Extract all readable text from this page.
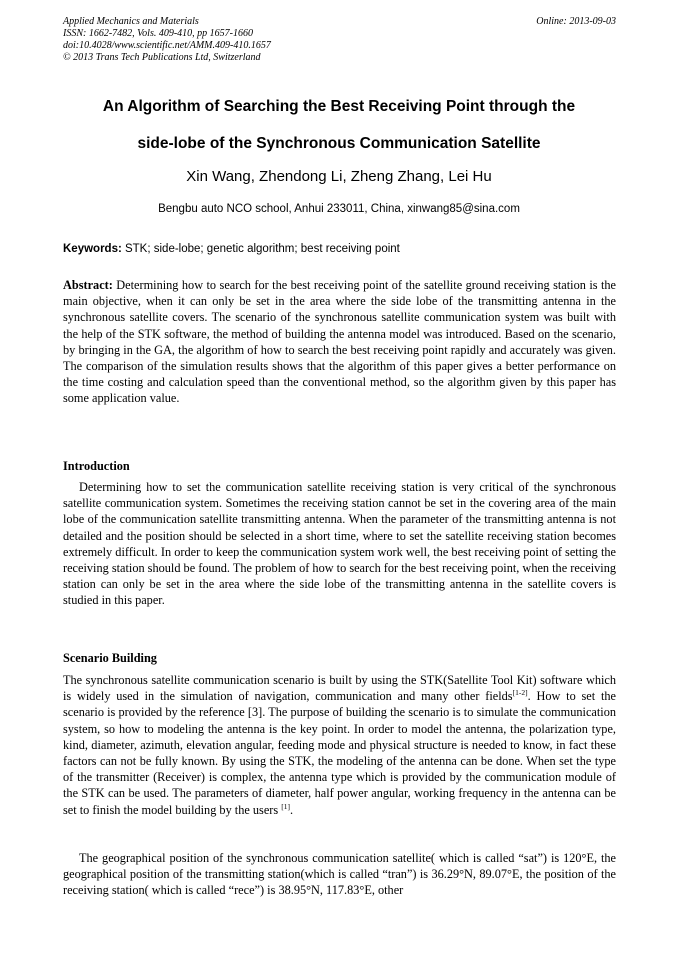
Applied Mechanics and Materials
ISSN: 1662-7482, Vols. 409-410, pp 1657-1660
doi:10.4028/www.scientific.net/AMM.409-410.1657
© 2013 Trans Tech Publications Ltd, Switzerland
Online: 2013-09-03
An Algorithm of Searching the Best Receiving Point through the
side-lobe of the Synchronous Communication Satellite
Xin Wang, Zhendong Li, Zheng Zhang, Lei Hu
Bengbu auto NCO school, Anhui 233011, China, xinwang85@sina.com
Keywords: STK; side-lobe; genetic algorithm; best receiving point

Abstract: Determining how to search for the best receiving point of the satellite ground receiving station is the main objective, when it can only be set in the area where the side lobe of the transmitting antenna in the synchronous satellite covers. The scenario of the synchronous satellite communication system was built with the help of the STK software, the method of building the antenna model was introduced. Based on the scenario, by bringing in the GA, the algorithm of how to search the best receiving point rapidly and accurately was given. The comparison of the simulation results shows that the algorithm of this paper gives a better performance on the time costing and calculation speed than the conventional method, so the algorithm given by this paper has some application value.

Introduction

Determining how to set the communication satellite receiving station is very critical of the synchronous satellite communication system. Sometimes the receiving station cannot be set in the covering area of the main lobe of the communication satellite transmitting antenna. When the parameter of the transmitting antenna is not detailed and the position should be selected in a short time, where to set the satellite receiving station becomes extremely difficult. In order to keep the communication system work well, the best receiving point of setting the receiving station should be found. The problem of how to search for the best receiving point, when the receiving station can only be set in the area where the side lobe of the transmitting antenna in the satellite covers is studied in this paper.

Scenario Building

The synchronous satellite communication scenario is built by using the STK(Satellite Tool Kit) software which is widely used in the simulation of navigation, communication and many other fields[1-2]. How to set the scenario is provided by the reference [3]. The purpose of building the scenario is to simulate the communication system, so how to modeling the antenna is the key point. In order to model the antenna, the polarization type, kind, diameter, azimuth, elevation angular, feeding mode and physical structure is needed to know, in fact these factors can not be fully known. By using the STK, the modeling of the antenna can be done. When set the type of the transmitter (Receiver) is complex, the antenna type which is provided by the communication module of the STK can be used. The parameters of diameter, half power angular, working frequency in the antenna can be set to finish the model building by the users [1].

The geographical position of the synchronous communication satellite( which is called “sat”) is 120°E, the geographical position of the transmitting station(which is called “tran”) is 36.29°N, 89.07°E, the position of the receiving station( which is called “rece”) is 38.95°N, 117.83°E, other
